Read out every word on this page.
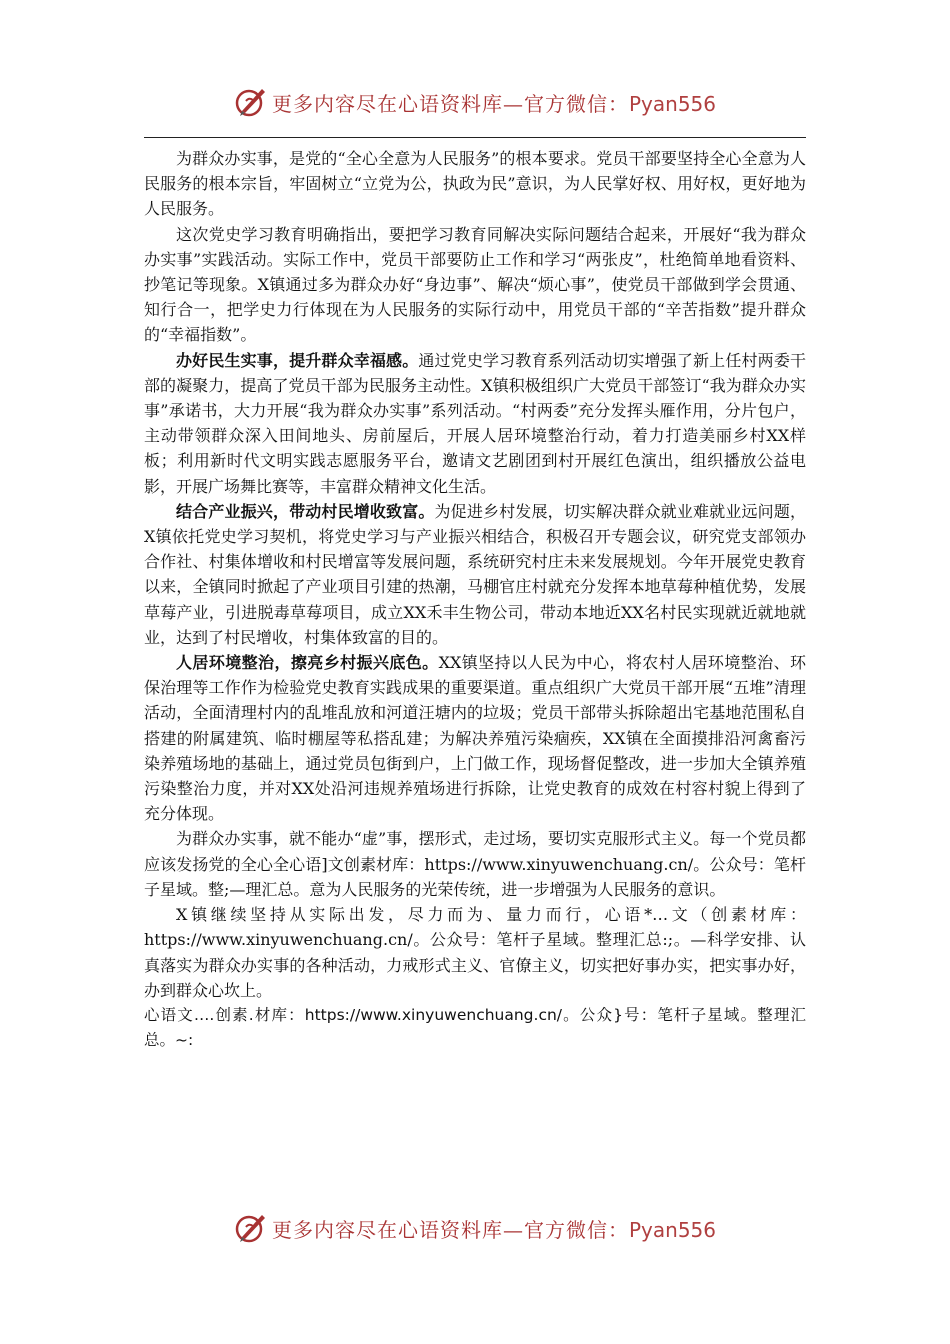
更多内容尽在心语资料库—官方微信：Pyan556

为群众办实事，是党的“全心全意为人民服务”的根本要求。党员干部要坚持全心全意为人民服务的根本宗旨，牢固树立“立党为公，执政为民”意识，为人民掌好权、用好权，更好地为人民服务。

这次党史学习教育明确指出，要把学习教育同解决实际问题结合起来，开展好“我为群众办实事”实践活动。实际工作中，党员干部要防止工作和学习“两张皮”，杜绝简单地看资料、抄笔记等现象。X镇通过多为群众办好“身边事”、解决“烦心事”，使党员干部做到学会贯通、知行合一，把学史力行体现在为人民服务的实际行动中，用党员干部的“辛苦指数”提升群众的“幸福指数”。

办好民生实事，提升群众幸福感。通过党史学习教育系列活动切实增强了新上任村两委干部的凝聚力，提高了党员干部为民服务主动性。X镇积极组织广大党员干部签订“我为群众办实事”承诺书，大力开展“我为群众办实事”系列活动。“村两委”充分发挥头雁作用，分片包户，主动带领群众深入田间地头、房前屋后，开展人居环境整治行动，着力打造美丽乡村XX样板；利用新时代文明实践志愿服务平台，邀请文艺剧团到村开展红色演出，组织播放公益电影，开展广场舞比赛等，丰富群众精神文化生活。

结合产业振兴，带动村民增收致富。为促进乡村发展，切实解决群众就业难就业远问题，X镇依托党史学习契机，将党史学习与产业振兴相结合，积极召开专题会议，研究党支部领办合作社、村集体增收和村民增富等发展问题，系统研究村庄未来发展规划。今年开展党史教育以来，全镇同时掀起了产业项目引建的热潮，马棚官庄村就充分发挥本地草莓种植优势，发展草莓产业，引进脱毒草莓项目，成立XX禾丰生物公司，带动本地近XX名村民实现就近就地就业，达到了村民增收，村集体致富的目的。

人居环境整治，擦亮乡村振兴底色。XX镇坚持以人民为中心，将农村人居环境整治、环保治理等工作作为检验党史教育实践成果的重要渠道。重点组织广大党员干部开展“五堆”清理活动，全面清理村内的乱堆乱放和河道汪塘内的垃圾；党员干部带头拆除超出宅基地范围私自搭建的附属建筑、临时棚屋等私搭乱建；为解决养殖污染痼疾，XX镇在全面摸排沿河禽畜污染养殖场地的基础上，通过党员包街到户，上门做工作，现场督促整改，进一步加大全镇养殖污染整治力度，并对XX处沿河违规养殖场进行拆除，让党史教育的成效在村容村貌上得到了充分体现。

为群众办实事，就不能办“虚”事，摆形式，走过场，要切实克服形式主义。每一个党员都应该发扬党的全心全心语]文创素材库：https://www.xinyuwenchuang.cn/。公众号：笔杆子星域。整;—理汇总。意为人民服务的光荣传统，进一步增强为人民服务的意识。

X镇继续坚持从实际出发，尽力而为、量力而行，心语*…文（创素材库：https://www.xinyuwenchuang.cn/。公众号：笔杆子星域。整理汇总:;。—科学安排、认真落实为群众办实事的各种活动，力戒形式主义、官僚主义，切实把好事办实，把实事办好，办到群众心坎上。

心语文….创素.材库：https://www.xinyuwenchuang.cn/。公众}号：笔杆子星域。整理汇总。~:

更多内容尽在心语资料库—官方微信：Pyan556
